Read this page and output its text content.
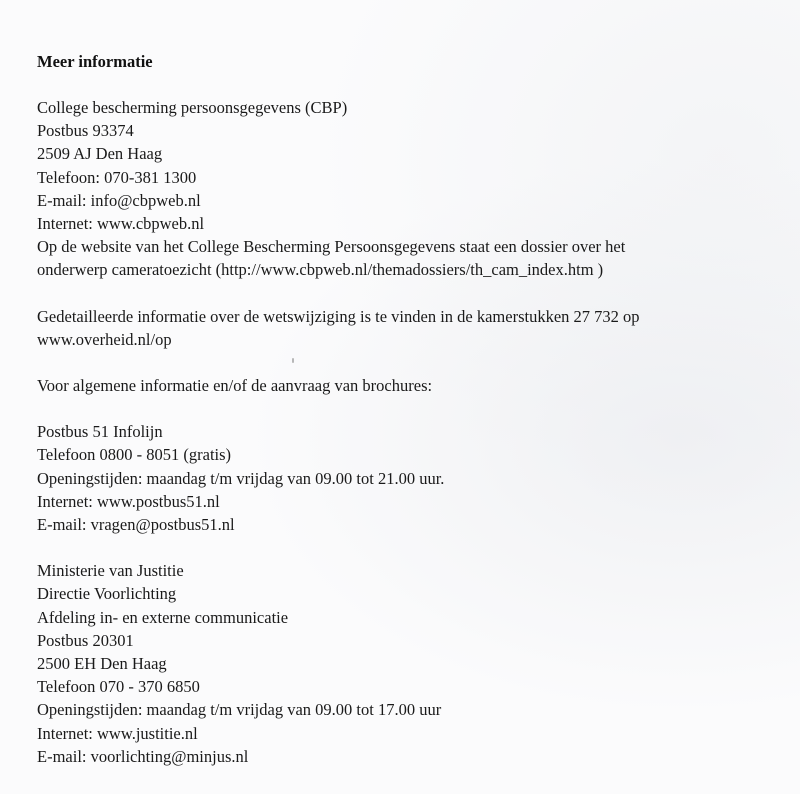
Meer informatie

College bescherming persoonsgegevens (CBP)

Postbus 93374

2509 AJ Den Haag

Telefoon: 070-381 1300

E-mail: info@cbpweb.nl

Internet: www.cbpweb.nl

Op de website van het College Bescherming Persoonsgegevens staat een dossier over het

onderwerp cameratoezicht (http://www.cbpweb.nl/themadossiers/th_cam_index.htm )

Gedetailleerde informatie over de wetswijziging is te vinden in de kamerstukken 27 732 op

www.overheid.nl/op

Voor algemene informatie en/of de aanvraag van brochures:

Postbus 51 Infolijn

Telefoon 0800 - 8051 (gratis)

Openingstijden: maandag t/m vrijdag van 09.00 tot 21.00 uur.

Internet: www.postbus51.nl

E-mail: vragen@postbus51.nl

Ministerie van Justitie

Directie Voorlichting

Afdeling in- en externe communicatie

Postbus 20301

2500 EH Den Haag

Telefoon 070 - 370 6850

Openingstijden: maandag t/m vrijdag van 09.00 tot 17.00 uur

Internet: www.justitie.nl

E-mail: voorlichting@minjus.nl
